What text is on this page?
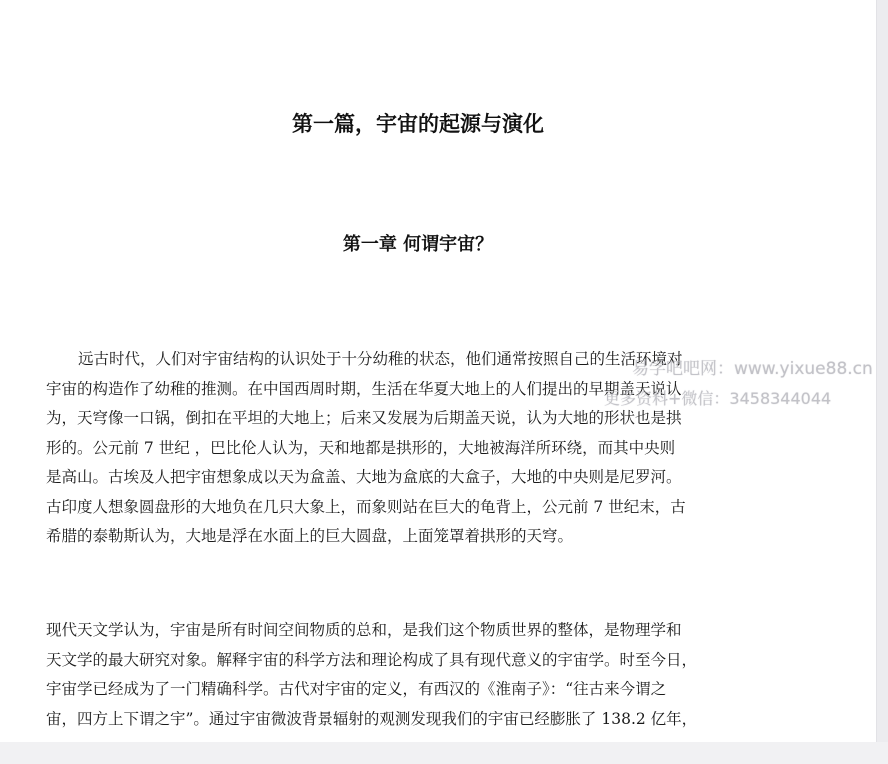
第一篇，宇宙的起源与演化
第一章 何谓宇宙？
远古时代，人们对宇宙结构的认识处于十分幼稚的状态，他们通常按照自己的生活环境对
宇宙的构造作了幼稚的推测。在中国西周时期，生活在华夏大地上的人们提出的早期盖天说认
为，天穹像一口锅，倒扣在平坦的大地上；后来又发展为后期盖天说，认为大地的形状也是拱
形的。公元前 7 世纪 ，巴比伦人认为，天和地都是拱形的，大地被海洋所环绕，而其中央则
是高山。古埃及人把宇宙想象成以天为盒盖、大地为盒底的大盒子，大地的中央则是尼罗河。
古印度人想象圆盘形的大地负在几只大象上，而象则站在巨大的龟背上，公元前 7 世纪末，古
希腊的泰勒斯认为，大地是浮在水面上的巨大圆盘，上面笼罩着拱形的天穹。
现代天文学认为，宇宙是所有时间空间物质的总和，是我们这个物质世界的整体，是物理学和
天文学的最大研究对象。解释宇宙的科学方法和理论构成了具有现代意义的宇宙学。时至今日，
宇宙学已经成为了一门精确科学。古代对宇宙的定义，有西汉的《淮南子》：“往古来今谓之
宙，四方上下谓之宇”。通过宇宙微波背景辐射的观测发现我们的宇宙已经膨胀了 138.2 亿年，
易学吧吧网：www.yixue88.cn
更多资料+微信：3458344044
